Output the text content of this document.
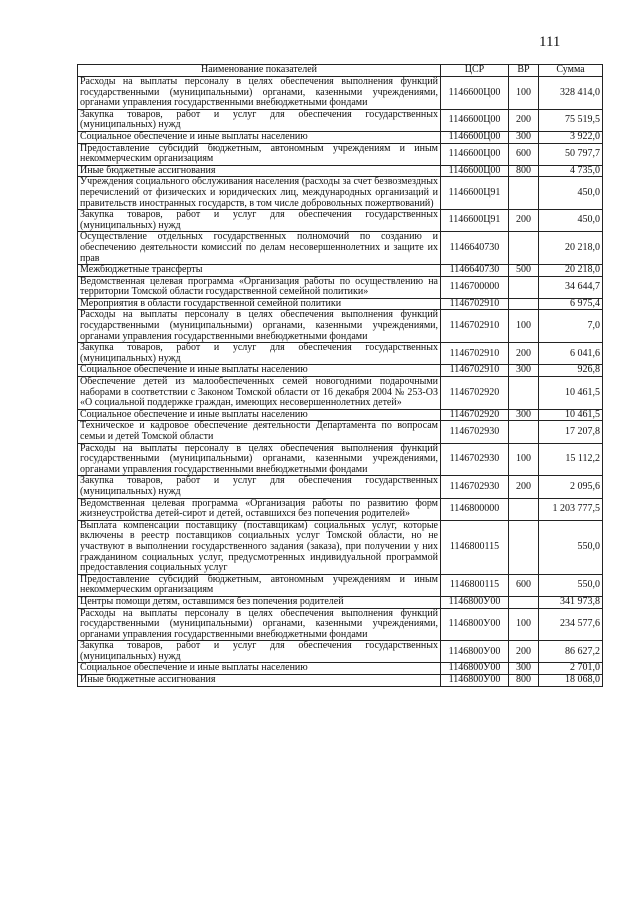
111
Наименование показателей	ЦСР	ВР	Сумма
Расходы на выплаты персоналу в целях обеспечения выполнения функций государственными (муниципальными) органами, казенными учреждениями, органами управления государственными внебюджетными фондами	1146600Ц00	100	328 414,0
Закупка товаров, работ и услуг для обеспечения государственных (муниципальных) нужд	1146600Ц00	200	75 519,5
Социальное обеспечение и иные выплаты населению	1146600Ц00	300	3 922,0
Предоставление субсидий бюджетным, автономным учреждениям и иным некоммерческим организациям	1146600Ц00	600	50 797,7
Иные бюджетные ассигнования	1146600Ц00	800	4 735,0
Учреждения социального обслуживания населения (расходы за счет безвозмездных перечислений от физических и юридических лиц, международных организаций и правительств иностранных государств, в том числе добровольных пожертвований)	1146600Ц91		450,0
Закупка товаров, работ и услуг для обеспечения государственных (муниципальных) нужд	1146600Ц91	200	450,0
Осуществление отдельных государственных полномочий по созданию и обеспечению деятельности комиссий по делам несовершеннолетних и защите их прав	1146640730		20 218,0
Межбюджетные трансферты	1146640730	500	20 218,0
Ведомственная целевая программа «Организация работы по осуществлению на территории Томской области государственной семейной политики»	1146700000		34 644,7
Мероприятия в области государственной семейной политики	1146702910		6 975,4
Расходы на выплаты персоналу в целях обеспечения выполнения функций государственными (муниципальными) органами, казенными учреждениями, органами управления государственными внебюджетными фондами	1146702910	100	7,0
Закупка товаров, работ и услуг для обеспечения государственных (муниципальных) нужд	1146702910	200	6 041,6
Социальное обеспечение и иные выплаты населению	1146702910	300	926,8
Обеспечение детей из малообеспеченных семей новогодними подарочными наборами в соответствии с Законом Томской области от 16 декабря 2004 № 253-ОЗ «О социальной поддержке граждан, имеющих несовершеннолетних детей»	1146702920		10 461,5
Социальное обеспечение и иные выплаты населению	1146702920	300	10 461,5
Техническое и кадровое обеспечение деятельности Департамента по вопросам семьи и детей Томской области	1146702930		17 207,8
Расходы на выплаты персоналу в целях обеспечения выполнения функций государственными (муниципальными) органами, казенными учреждениями, органами управления государственными внебюджетными фондами	1146702930	100	15 112,2
Закупка товаров, работ и услуг для обеспечения государственных (муниципальных) нужд	1146702930	200	2 095,6
Ведомственная целевая программа «Организация работы по развитию форм жизнеустройства детей-сирот и детей, оставшихся без попечения родителей»	1146800000		1 203 777,5
Выплата компенсации поставщику (поставщикам) социальных услуг, которые включены в реестр поставщиков социальных услуг Томской области, но не участвуют в выполнении государственного задания (заказа), при получении у них гражданином социальных услуг, предусмотренных индивидуальной программой предоставления социальных услуг	1146800115		550,0
Предоставление субсидий бюджетным, автономным учреждениям и иным некоммерческим организациям	1146800115	600	550,0
Центры помощи детям, оставшимся без попечения родителей	1146800У00		341 973,8
Расходы на выплаты персоналу в целях обеспечения выполнения функций государственными (муниципальными) органами, казенными учреждениями, органами управления государственными внебюджетными фондами	1146800У00	100	234 577,6
Закупка товаров, работ и услуг для обеспечения государственных (муниципальных) нужд	1146800У00	200	86 627,2
Социальное обеспечение и иные выплаты населению	1146800У00	300	2 701,0
Иные бюджетные ассигнования	1146800У00	800	18 068,0
